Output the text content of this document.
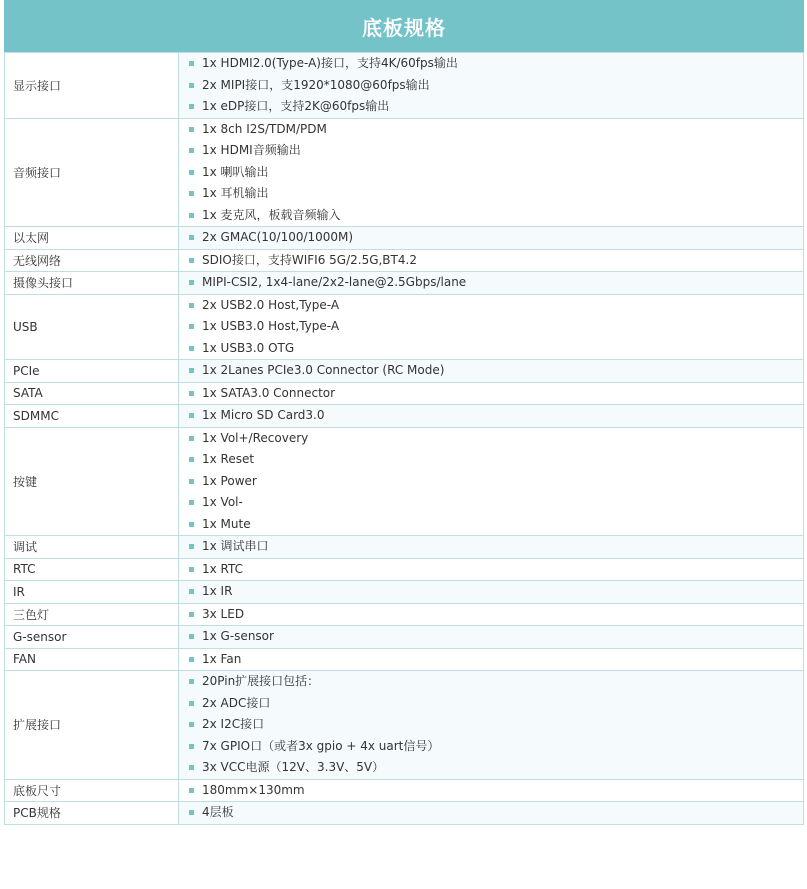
底板规格
显示接口	1x HDMI2.0(Type-A)接口，支持4K/60fps输出
2x MIPI接口，支1920*1080@60fps输出
1x eDP接口，支持2K@60fps输出

音频接口	1x 8ch I2S/TDM/PDM
1x HDMI音频输出
1x 喇叭输出
1x 耳机输出
1x 麦克风，板载音频输入

以太网	2x GMAC(10/100/1000M)

无线网络	SDIO接口，支持WIFI6 5G/2.5G,BT4.2

摄像头接口	MIPI-CSI2, 1x4-lane/2x2-lane@2.5Gbps/lane

USB	2x USB2.0 Host,Type-A
1x USB3.0 Host,Type-A
1x USB3.0 OTG

PCIe	1x 2Lanes PCIe3.0 Connector (RC Mode)

SATA	1x SATA3.0 Connector

SDMMC	1x Micro SD Card3.0

按键	1x Vol+/Recovery
1x Reset
1x Power
1x Vol-
1x Mute

调试	1x 调试串口

RTC	1x RTC

IR	1x IR

三色灯	3x LED

G-sensor	1x G-sensor

FAN	1x Fan

扩展接口	20Pin扩展接口包括：
2x ADC接口
2x I2C接口
7x GPIO口（或者3x gpio + 4x uart信号）
3x VCC电源（12V、3.3V、5V）

底板尺寸	180mm×130mm

PCB规格	4层板
